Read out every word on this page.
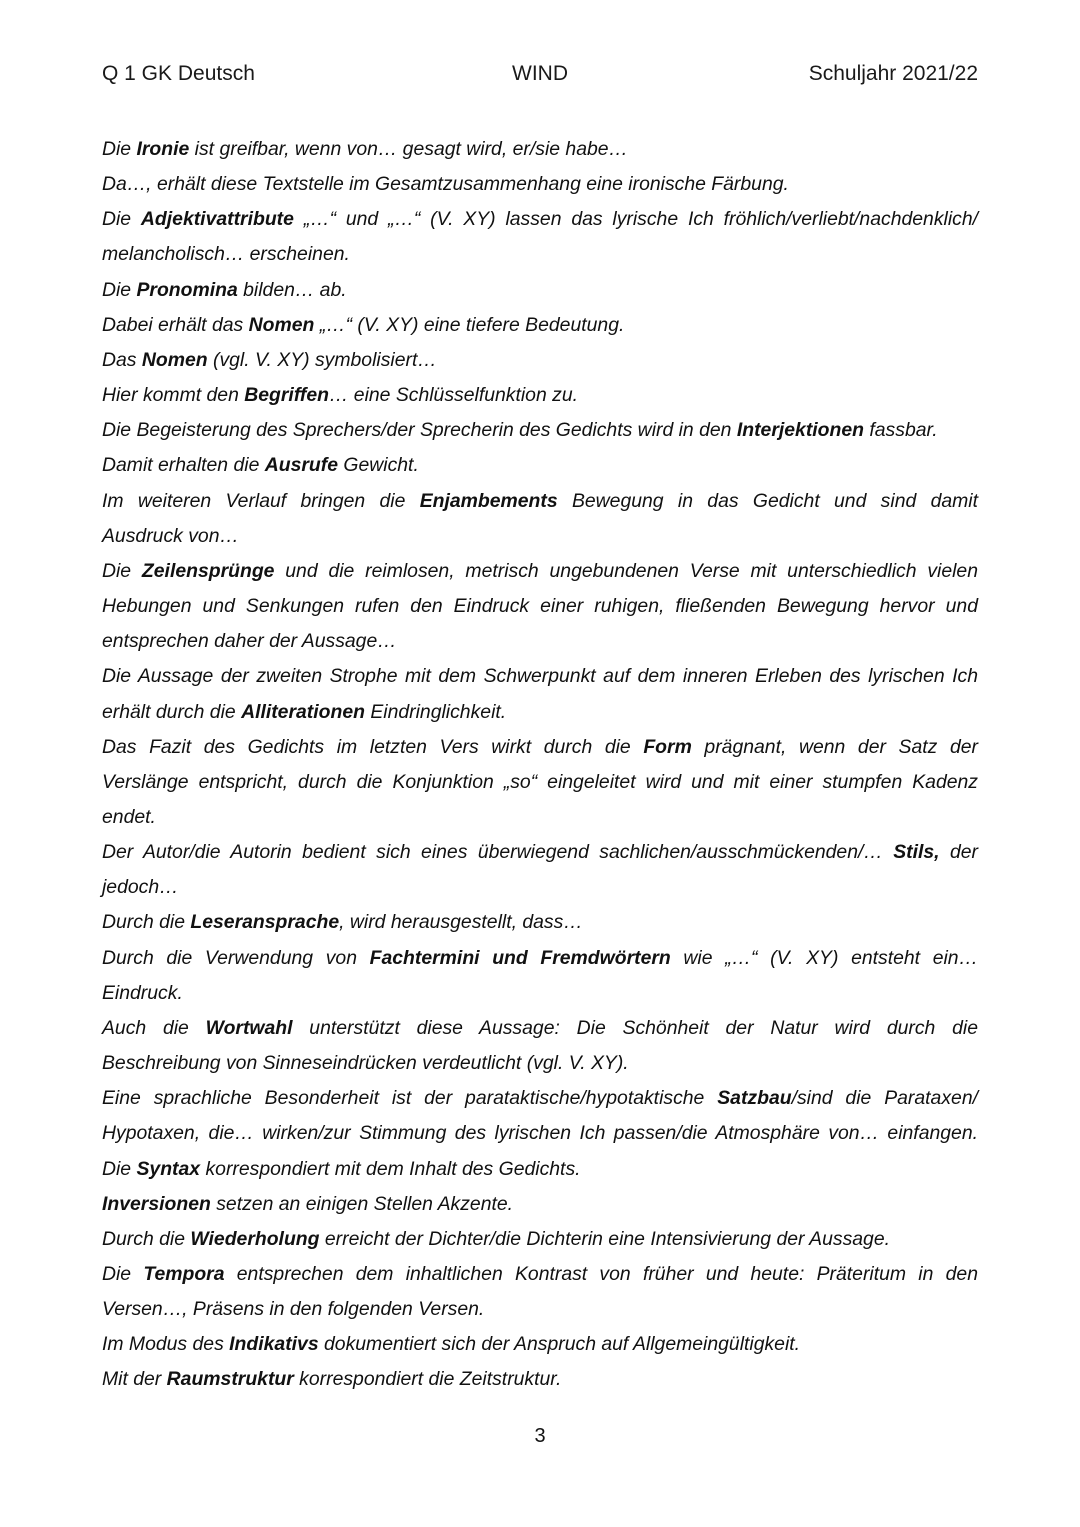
Q 1 GK Deutsch	WIND	Schuljahr 2021/22
Die Ironie ist greifbar, wenn von… gesagt wird, er/sie habe…
Da…, erhält diese Textstelle im Gesamtzusammenhang eine ironische Färbung.
Die Adjektivattribute „…“ und „…“ (V. XY) lassen das lyrische Ich fröhlich/verliebt/nachdenklich/
melancholisch… erscheinen.
Die Pronomina bilden… ab.
Dabei erhält das Nomen „…“ (V. XY) eine tiefere Bedeutung.
Das Nomen (vgl. V. XY) symbolisiert…
Hier kommt den Begriffen… eine Schlüsselfunktion zu.
Die Begeisterung des Sprechers/der Sprecherin des Gedichts wird in den Interjektionen fassbar.
Damit erhalten die Ausrufe Gewicht.
Im weiteren Verlauf bringen die Enjambements Bewegung in das Gedicht und sind damit
Ausdruck von…
Die Zeilensprünge und die reimlosen, metrisch ungebundenen Verse mit unterschiedlich vielen
Hebungen und Senkungen rufen den Eindruck einer ruhigen, fließenden Bewegung hervor und
entsprechen daher der Aussage…
Die Aussage der zweiten Strophe mit dem Schwerpunkt auf dem inneren Erleben des lyrischen Ich
erhält durch die Alliterationen Eindringlichkeit.
Das Fazit des Gedichts im letzten Vers wirkt durch die Form prägnant, wenn der Satz der
Verslänge entspricht, durch die Konjunktion „so“ eingeleitet wird und mit einer stumpfen Kadenz
endet.
Der Autor/die Autorin bedient sich eines überwiegend sachlichen/ausschmückenden/… Stils, der
jedoch…
Durch die Leseransprache, wird herausgestellt, dass…
Durch die Verwendung von Fachtermini und Fremdwörtern wie „…“ (V. XY) entsteht ein…
Eindruck.
Auch die Wortwahl unterstützt diese Aussage: Die Schönheit der Natur wird durch die
Beschreibung von Sinneseindrücken verdeutlicht (vgl. V. XY).
Eine sprachliche Besonderheit ist der parataktische/hypotaktische Satzbau/sind die Parataxen/
Hypotaxen, die… wirken/zur Stimmung des lyrischen Ich passen/die Atmosphäre von… einfangen.
Die Syntax korrespondiert mit dem Inhalt des Gedichts.
Inversionen setzen an einigen Stellen Akzente.
Durch die Wiederholung erreicht der Dichter/die Dichterin eine Intensivierung der Aussage.
Die Tempora entsprechen dem inhaltlichen Kontrast von früher und heute: Präteritum in den
Versen…, Präsens in den folgenden Versen.
Im Modus des Indikativs dokumentiert sich der Anspruch auf Allgemeingültigkeit.
Mit der Raumstruktur korrespondiert die Zeitstruktur.
3
